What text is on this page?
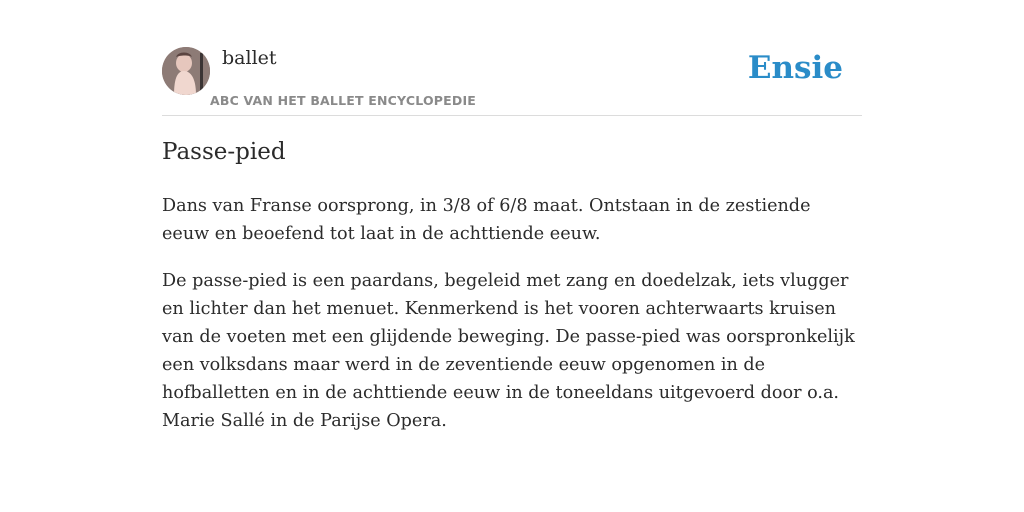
ballet
ABC VAN HET BALLET ENCYCLOPEDIE
Ensie
Passe-pied

Dans van Franse oorsprong, in 3/8 of 6/8 maat. Ontstaan in de zestiende eeuw en beoefend tot laat in de achttiende eeuw.

De passe-pied is een paardans, begeleid met zang en doedelzak, iets vlugger en lichter dan het menuet. Kenmerkend is het vooren achterwaarts kruisen van de voeten met een glijdende beweging. De passe-pied was oorspronkelijk een volksdans maar werd in de zeventiende eeuw opgenomen in de hofballetten en in de achttiende eeuw in de toneeldans uitgevoerd door o.a. Marie Sallé in de Parijse Opera.
